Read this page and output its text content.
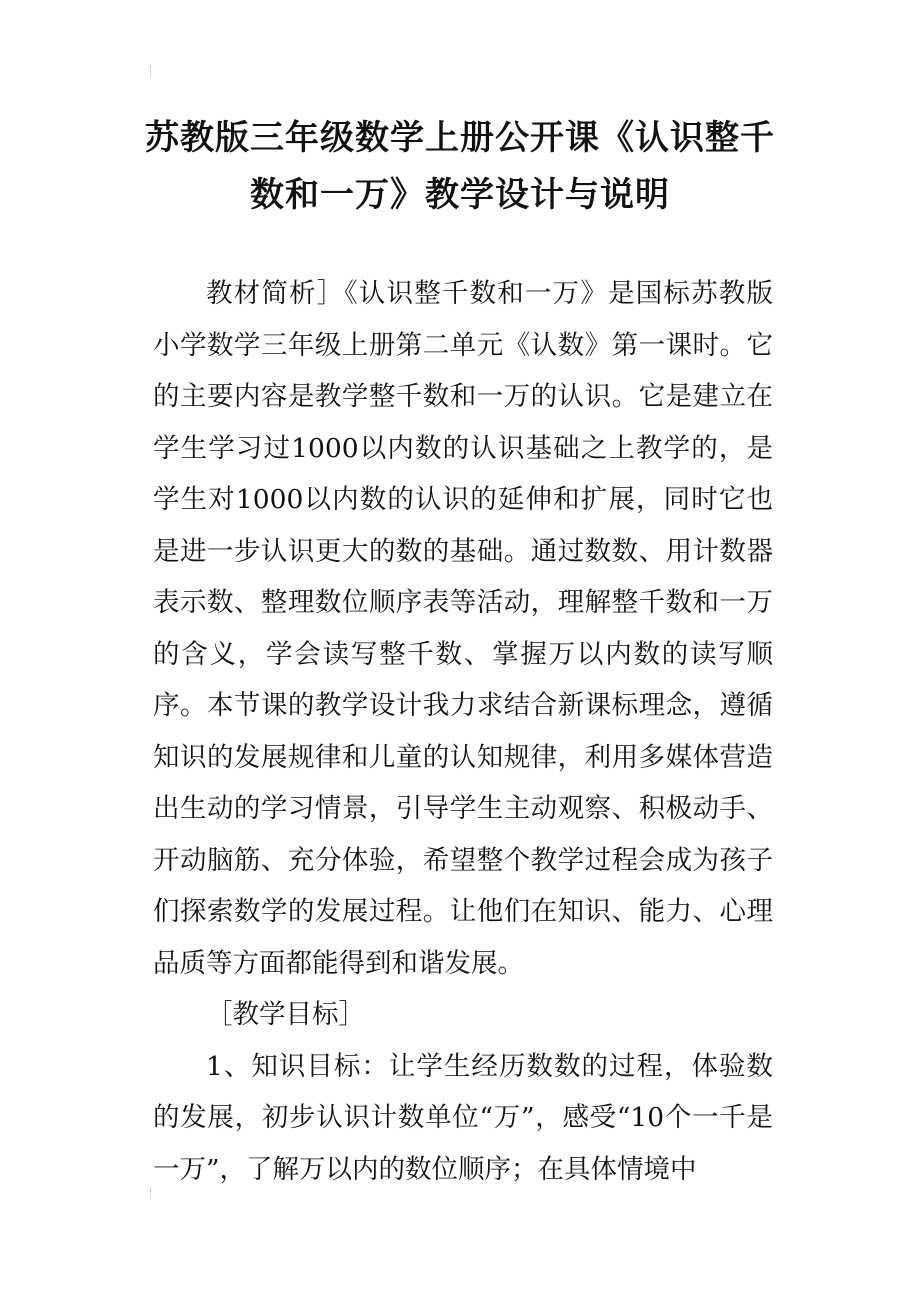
苏教版三年级数学上册公开课《认识整千数和一万》教学设计与说明

教材简析］《认识整千数和一万》是国标苏教版小学数学三年级上册第二单元《认数》第一课时。它的主要内容是教学整千数和一万的认识。它是建立在学生学习过1000以内数的认识基础之上教学的，是学生对1000以内数的认识的延伸和扩展，同时它也是进一步认识更大的数的基础。通过数数、用计数器表示数、整理数位顺序表等活动，理解整千数和一万的含义，学会读写整千数、掌握万以内数的读写顺序。本节课的教学设计我力求结合新课标理念，遵循知识的发展规律和儿童的认知规律，利用多媒体营造出生动的学习情景，引导学生主动观察、积极动手、开动脑筋、充分体验，希望整个教学过程会成为孩子们探索数学的发展过程。让他们在知识、能力、心理品质等方面都能得到和谐发展。

［教学目标］

1、知识目标：让学生经历数数的过程，体验数的发展，初步认识计数单位“万”，感受“10个一千是一万”，了解万以内的数位顺序；在具体情境中
